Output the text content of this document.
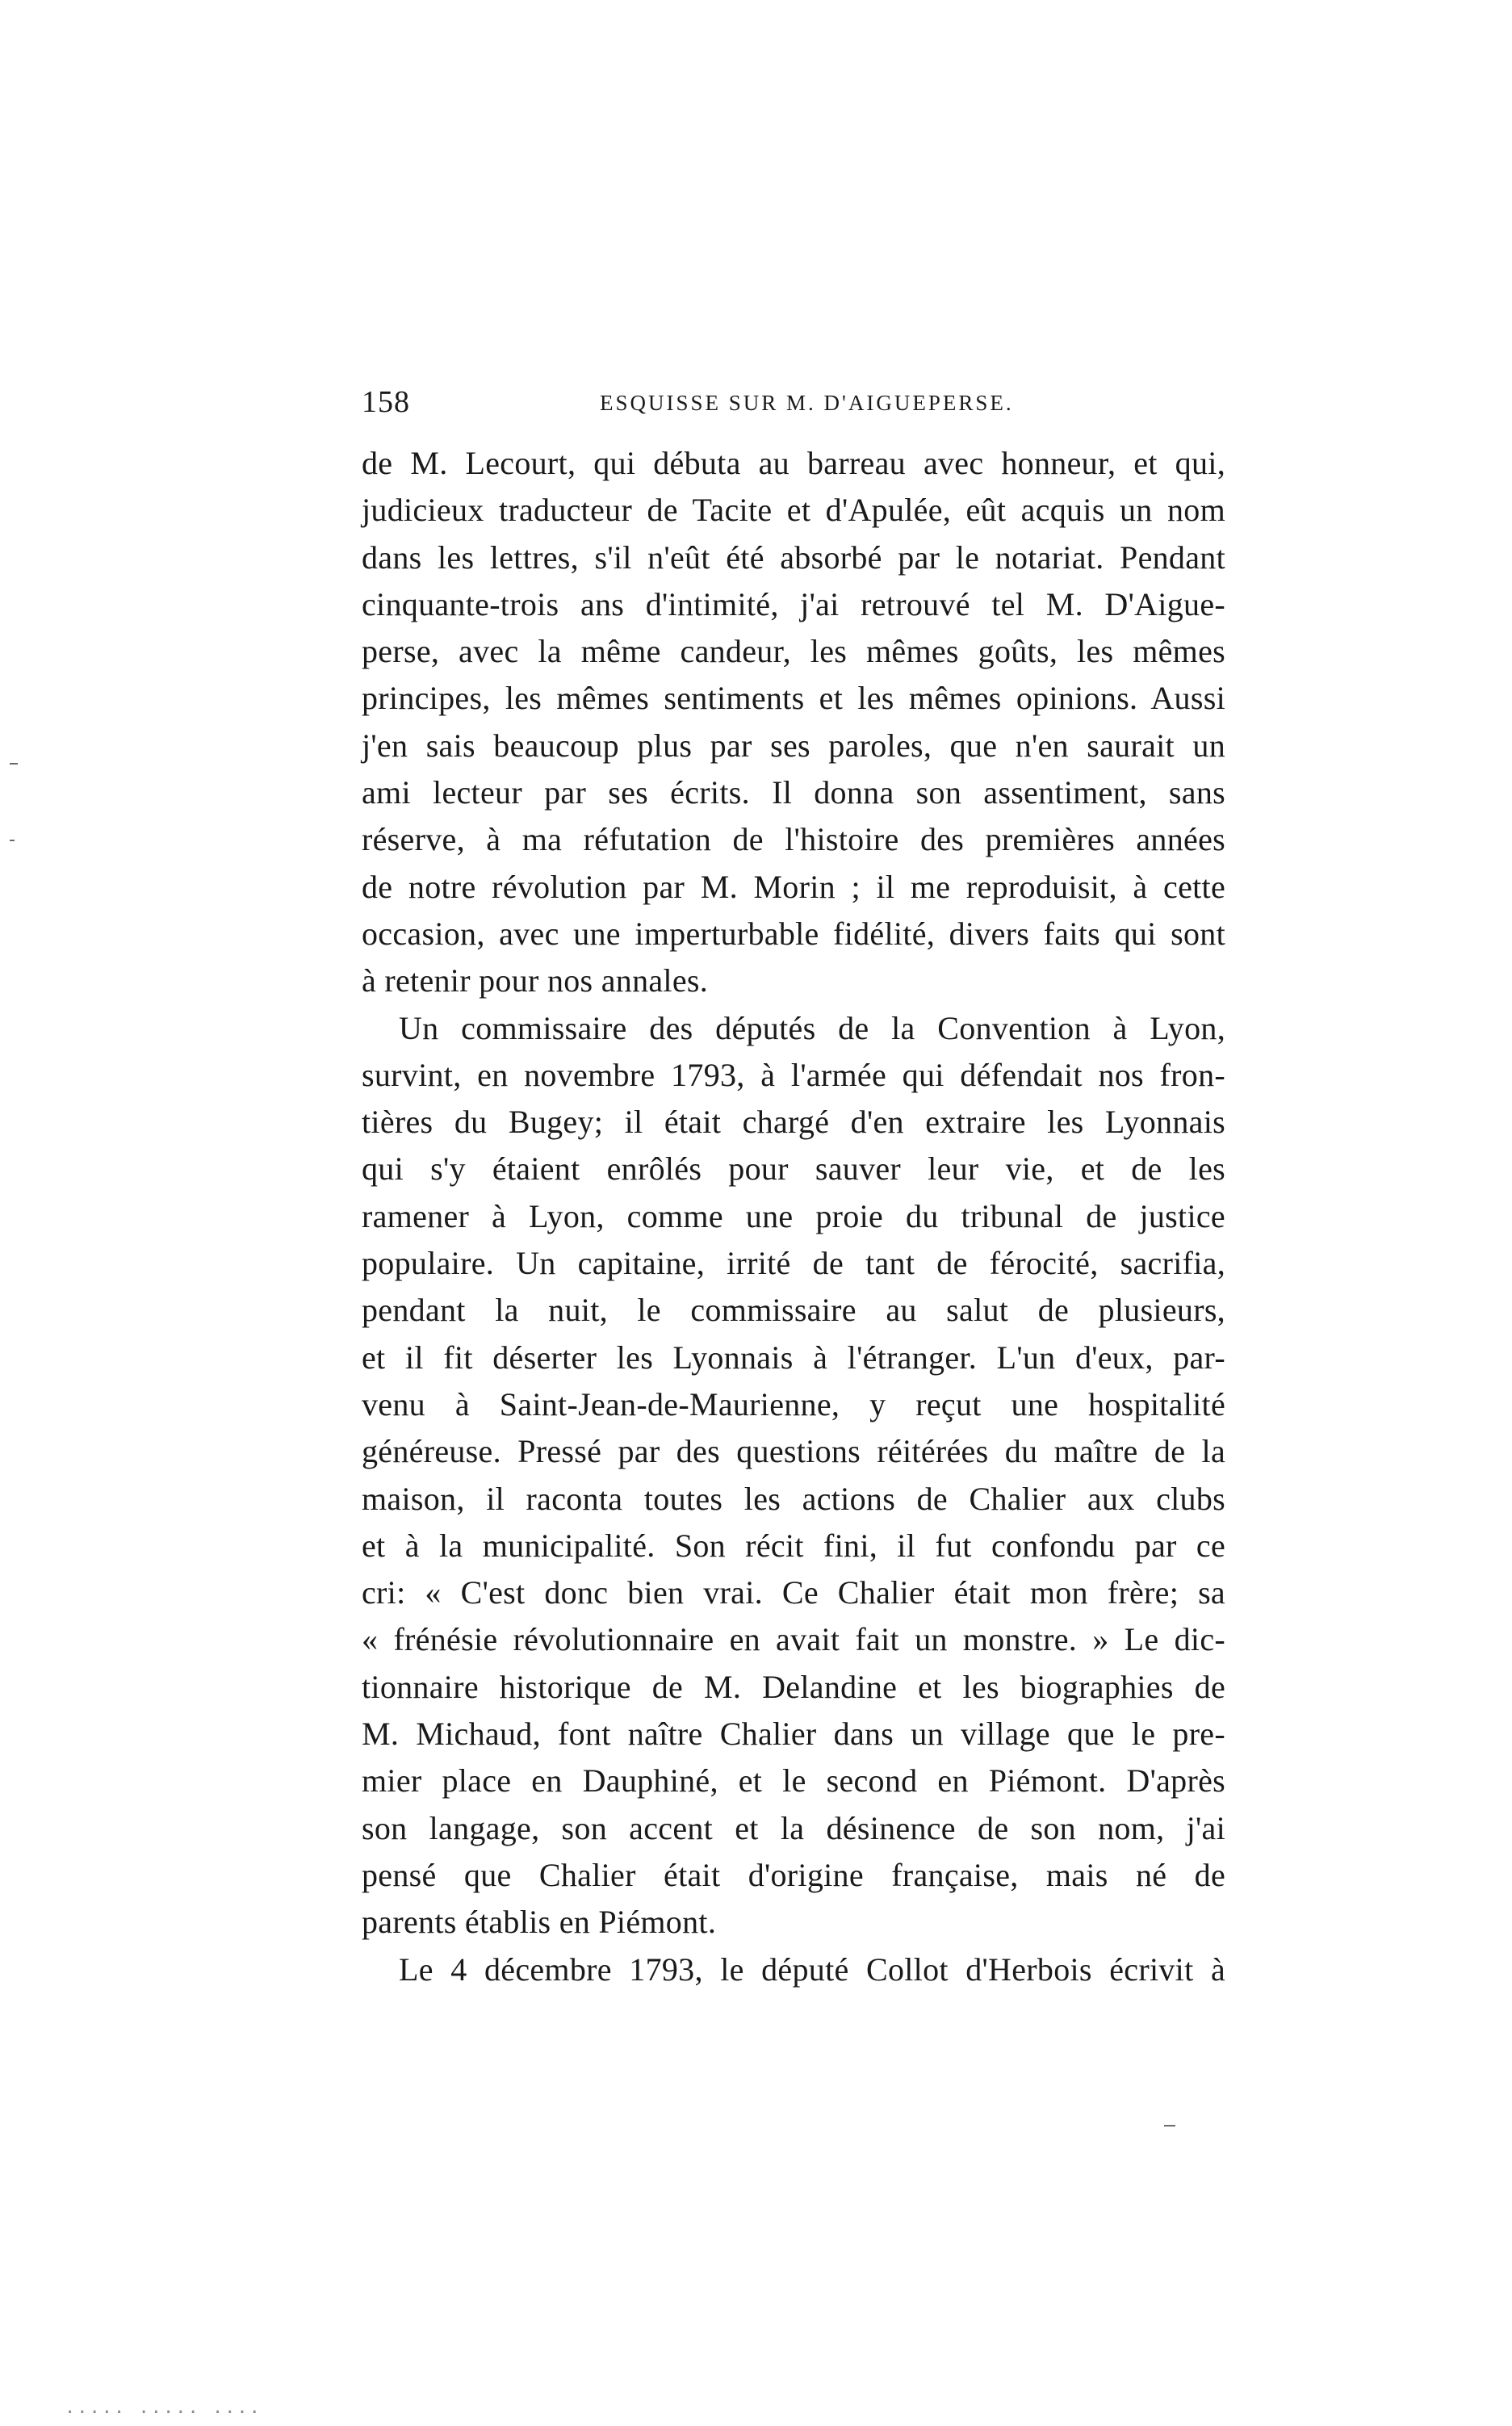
158	ESQUISSE SUR M. D'AIGUEPERSE.
de M. Lecourt, qui débuta au barreau avec honneur, et qui,
judicieux traducteur de Tacite et d'Apulée, eût acquis un nom
dans les lettres, s'il n'eût été absorbé par le notariat. Pendant
cinquante-trois ans d'intimité, j'ai retrouvé tel M. D'Aigue-
perse, avec la même candeur, les mêmes goûts, les mêmes
principes, les mêmes sentiments et les mêmes opinions. Aussi
j'en sais beaucoup plus par ses paroles, que n'en saurait un
ami lecteur par ses écrits. Il donna son assentiment, sans
réserve, à ma réfutation de l'histoire des premières années
de notre révolution par M. Morin ; il me reproduisit, à cette
occasion, avec une imperturbable fidélité, divers faits qui sont
à retenir pour nos annales.
Un commissaire des députés de la Convention à Lyon,
survint, en novembre 1793, à l'armée qui défendait nos fron-
tières du Bugey; il était chargé d'en extraire les Lyonnais
qui s'y étaient enrôlés pour sauver leur vie, et de les
ramener à Lyon, comme une proie du tribunal de justice
populaire. Un capitaine, irrité de tant de férocité, sacrifia,
pendant la nuit, le commissaire au salut de plusieurs,
et il fit déserter les Lyonnais à l'étranger. L'un d'eux, par-
venu à Saint-Jean-de-Maurienne, y reçut une hospitalité
généreuse. Pressé par des questions réitérées du maître de la
maison, il raconta toutes les actions de Chalier aux clubs
et à la municipalité. Son récit fini, il fut confondu par ce
cri: « C'est donc bien vrai. Ce Chalier était mon frère; sa
« frénésie révolutionnaire en avait fait un monstre. » Le dic-
tionnaire historique de M. Delandine et les biographies de
M. Michaud, font naître Chalier dans un village que le pre-
mier place en Dauphiné, et le second en Piémont. D'après
son langage, son accent et la désinence de son nom, j'ai
pensé que Chalier était d'origine française, mais né de
parents établis en Piémont.
Le 4 décembre 1793, le député Collot d'Herbois écrivit à
..... ..... ....
